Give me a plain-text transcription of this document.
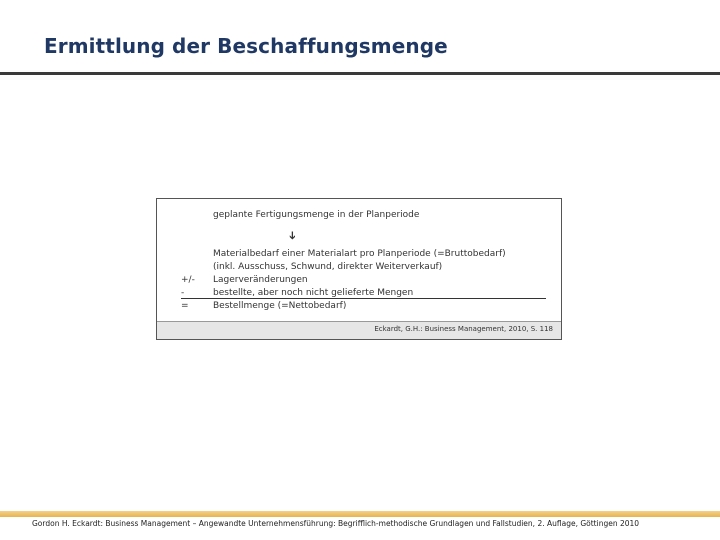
Ermittlung der Beschaffungsmenge
geplante Fertigungsmenge in der Planperiode
➔
Materialbedarf einer Materialart pro Planperiode (=Bruttobedarf)
(inkl. Ausschuss, Schwund, direkter Weiterverkauf)
+/- Lagerveränderungen
-	bestellte, aber noch nicht gelieferte Mengen
=	Bestellmenge (=Nettobedarf)
Eckardt, G.H.: Business Management, 2010, S. 118
Gordon H. Eckardt: Business Management – Angewandte Unternehmensführung: Begrifflich-methodische Grundlagen und Fallstudien, 2. Auflage, Göttingen 2010
